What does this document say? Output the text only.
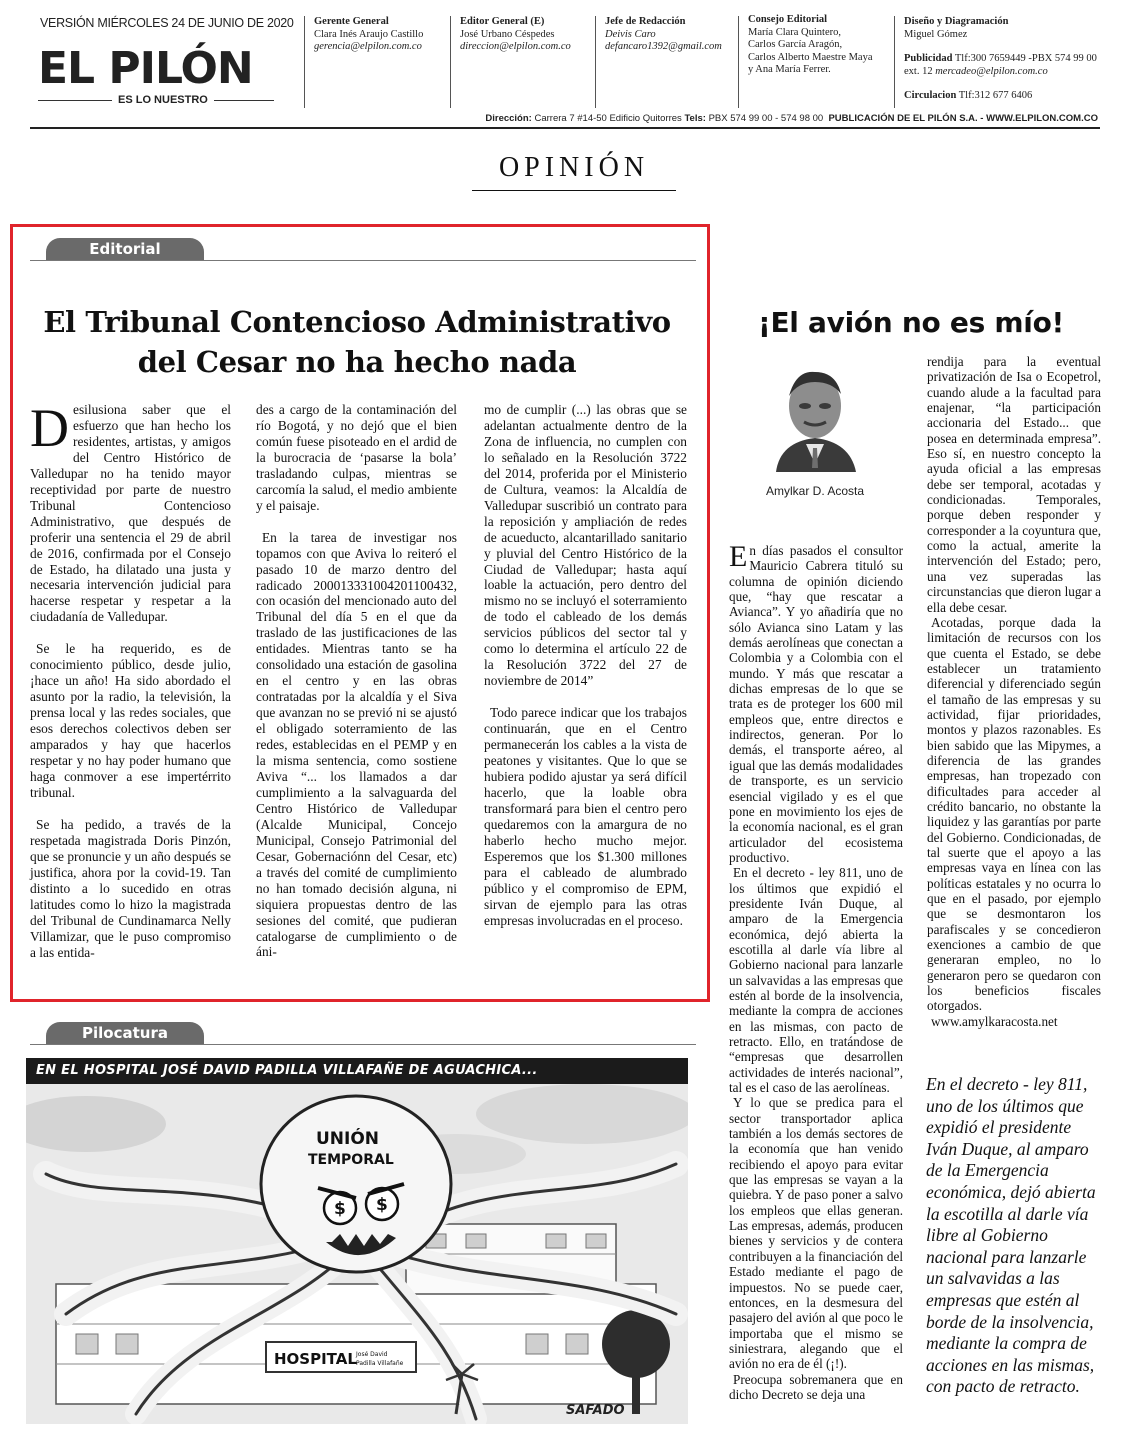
VERSIÓN MIÉRCOLES 24 DE JUNIO DE 2020
EL PILÓN
ES LO NUESTRO
Gerente General
Clara Inés Araujo Castillo
gerencia@elpilon.com.co
Editor General (E)
José Urbano Céspedes
direccion@elpilon.com.co
Jefe de Redacción
Deivis Caro
defancaro1392@gmail.com
Consejo Editorial
María Clara Quintero,
Carlos García Aragón,
Carlos Alberto Maestre Maya
y Ana María Ferrer.
Diseño y Diagramación
Miguel Gómez
Publicidad Tlf:300 7659449 -PBX 574 99 00
ext. 12 mercadeo@elpilon.com.co
Circulacion Tlf:312 677 6406
Dirección: Carrera 7 #14-50 Edificio Quitorres Tels: PBX 574 99 00 - 574 98 00 PUBLICACIÓN DE EL PILÓN S.A. - WWW.ELPILON.COM.CO
OPINIÓN
Editorial
El Tribunal Contencioso Administrativo del Cesar no ha hecho nada

Desilusiona saber que el esfuerzo que han hecho los residentes, artistas, y amigos del Centro Histórico de Valledupar no ha tenido mayor receptividad por parte de nuestro Tribunal Contencioso Administrativo, que después de proferir una sentencia el 29 de abril de 2016, confirmada por el Consejo de Estado, ha dilatado una justa y necesaria intervención judicial para hacerse respetar y respetar a la ciudadanía de Valledupar.

Se le ha requerido, es de conocimiento público, desde julio, ¡hace un año! Ha sido abordado el asunto por la radio, la televisión, la prensa local y las redes sociales, que esos derechos colectivos deben ser amparados y hay que hacerlos respetar y no hay poder humano que haga conmover a ese impertérrito tribunal.

Se ha pedido, a través de la respetada magistrada Doris Pinzón, que se pronuncie y un año después se justifica, ahora por la covid-19. Tan distinto a lo sucedido en otras latitudes como lo hizo la magistrada del Tribunal de Cundinamarca Nelly Villamizar, que le puso compromiso a las entida-

des a cargo de la contaminación del río Bogotá, y no dejó que el bien común fuese pisoteado en el ardid de la burocracia de ‘pasarse la bola’ trasladando culpas, mientras se carcomía la salud, el medio ambiente y el paisaje.

En la tarea de investigar nos topamos con que Aviva lo reiteró el pasado 10 de marzo dentro del radicado 20001333100420110043​2, con ocasión del mencionado auto del Tribunal del día 5 en el que da traslado de las justificaciones de las entidades. Mientras tanto se ha consolidado una estación de gasolina en el centro y en las obras contratadas por la alcaldía y el Siva que avanzan no se previó ni se ajustó el obligado soterramiento de las redes, establecidas en el PEMP y en la misma sentencia, como sostiene Aviva “... los llamados a dar cumplimiento a la salvaguarda del Centro Histórico de Valledupar (Alcalde Municipal, Concejo Municipal, Consejo Patrimonial del Cesar, Gobernaciónn del Cesar, etc) a través del comité de cumplimiento no han tomado decisión alguna, ni siquiera propuestas dentro de las sesiones del comité, que pudieran catalogarse de cumplimiento o de áni-

mo de cumplir (...) las obras que se adelantan actualmente dentro de la Zona de influencia, no cumplen con lo señalado en la Resolución 3722 del 2014, proferida por el Ministerio de Cultura, veamos: la Alcaldía de Valledupar suscribió un contrato para la reposición y ampliación de redes de acueducto, alcantarillado sanitario y pluvial del Centro Histórico de la Ciudad de Valledupar; hasta aquí loable la actuación, pero dentro del mismo no se incluyó el soterramiento de todo el cableado de los demás servicios públicos del sector tal y como lo determina el artículo 22 de la Resolución 3722 del 27 de noviembre de 2014”

Todo parece indicar que los trabajos continuarán, que en el Centro permanecerán los cables a la vista de peatones y visitantes. Que lo que se hubiera podido ajustar ya será difícil hacerlo, que la loable obra transformará para bien el centro pero quedaremos con la amargura de no haberlo hecho mucho mejor. Esperemos que los $1.300 millones para el cableado de alumbrado público y el compromiso de EPM, sirvan de ejemplo para las otras empresas involucradas en el proceso.

Pilocatura
EN EL HOSPITAL JOSÉ DAVID PADILLA VILLAFAÑE DE AGUACHICA...
HOSPITAL José David
Padilla Villafañe
UNIÓN
TEMPORAL
$ $
SAFADO
¡El avión no es mío!
Amylkar D. Acosta

En días pasados el consultor Mauricio Cabrera tituló su columna de opinión diciendo que, “hay que rescatar a Avianca”. Y yo añadiría que no sólo Avianca sino Latam y las demás aerolíneas que conectan a Colombia y a Colombia con el mundo. Y más que rescatar a dichas empresas de lo que se trata es de proteger los 600 mil empleos que, entre directos e indirectos, generan. Por lo demás, el transporte aéreo, al igual que las demás modalidades de transporte, es un servicio esencial vigilado y es el que pone en movimiento los ejes de la economía nacional, es el gran articulador del ecosistema productivo.

En el decreto - ley 811, uno de los últimos que expidió el presidente Iván Duque, al amparo de la Emergencia económica, dejó abierta la escotilla al darle vía libre al Gobierno nacional para lanzarle un salvavidas a las empresas que estén al borde de la insolvencia, mediante la compra de acciones en las mismas, con pacto de retracto. Ello, en tratándose de “empresas que desarrollen actividades de interés nacional”, tal es el caso de las aerolíneas.

Y lo que se predica para el sector transportador aplica también a los demás sectores de la economía que han venido recibiendo el apoyo para evitar que las empresas se vayan a la quiebra. Y de paso poner a salvo los empleos que ellas generan. Las empresas, además, producen bienes y servicios y de contera contribuyen a la financiación del Estado mediante el pago de impuestos. No se puede caer, entonces, en la desmesura del pasajero del avión al que poco le importaba que el mismo se siniestrara, alegando que el avión no era de él (¡!).

Preocupa sobremanera que en dicho Decreto se deja una

rendija para la eventual privatización de Isa o Ecopetrol, cuando alude a la facultad para enajenar, “la participación accionaria del Estado... que posea en determinada empresa”. Eso sí, en nuestro concepto la ayuda oficial a las empresas debe ser temporal, acotadas y condicionadas. Temporales, porque deben responder y corresponder a la coyuntura que, como la actual, amerite la intervención del Estado; pero, una vez superadas las circunstancias que dieron lugar a ella debe cesar.

Acotadas, porque dada la limitación de recursos con los que cuenta el Estado, se debe establecer un tratamiento diferencial y diferenciado según el tamaño de las empresas y su actividad, fijar prioridades, montos y plazos razonables. Es bien sabido que las Mipymes, a diferencia de las grandes empresas, han tropezado con dificultades para acceder al crédito bancario, no obstante la liquidez y las garantías por parte del Gobierno. Condicionadas, de tal suerte que el apoyo a las empresas vaya en línea con las políticas estatales y no ocurra lo que en el pasado, por ejemplo que se desmontaron los parafiscales y se concedieron exenciones a cambio de que generaran empleo, no lo generaron pero se quedaron con los beneficios fiscales otorgados.

www.amylkaracosta.net

En el decreto - ley 811, uno de los últimos que expidió el presidente Iván Duque, al amparo de la Emergencia económica, dejó abierta la escotilla al darle vía libre al Gobierno nacional para lanzarle un salvavidas a las empresas que estén al borde de la insolvencia, mediante la compra de acciones en las mismas, con pacto de retracto.
